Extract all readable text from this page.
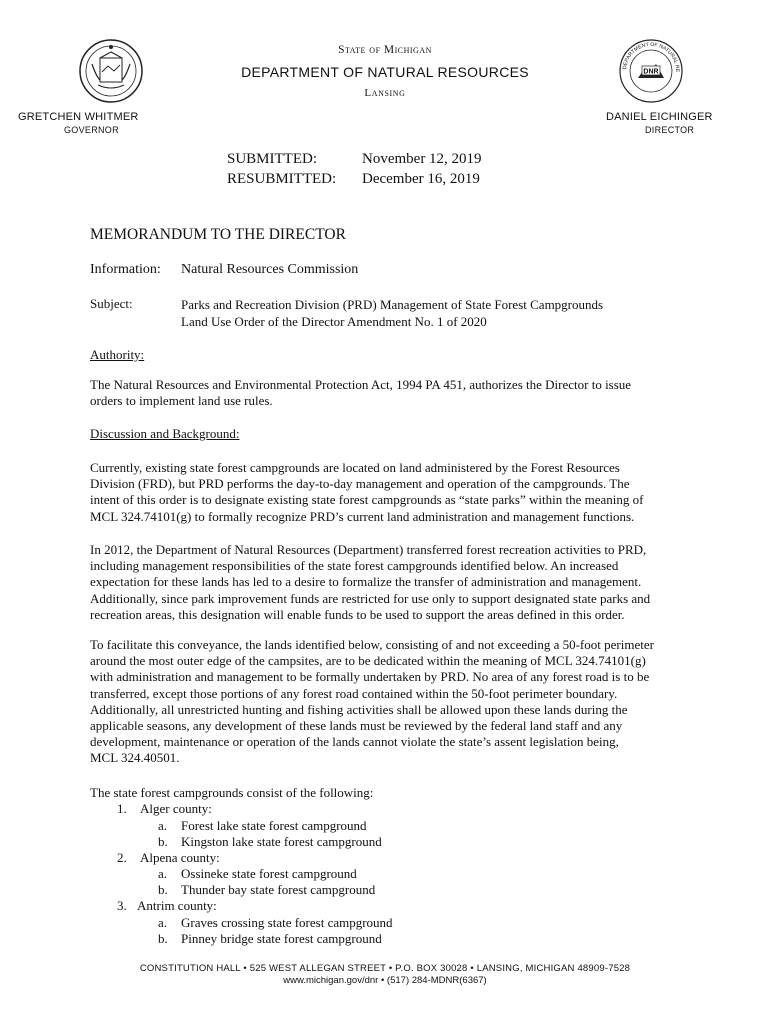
State of Michigan
DEPARTMENT OF NATURAL RESOURCES
Lansing
DEPARTMENT OF NATURAL RE
DNR
GRETCHEN WHITMER
GOVERNOR
DANIEL EICHINGER
DIRECTOR
SUBMITTED:	November 12, 2019
RESUBMITTED: December 16, 2019
MEMORANDUM TO THE DIRECTOR
Information: Natural Resources Commission
Subject:	Parks and Recreation Division (PRD) Management of State Forest Campgrounds
Land Use Order of the Director Amendment No. 1 of 2020
Authority:
The Natural Resources and Environmental Protection Act, 1994 PA 451, authorizes the Director to issue
orders to implement land use rules.
Discussion and Background:
Currently, existing state forest campgrounds are located on land administered by the Forest Resources
Division (FRD), but PRD performs the day-to-day management and operation of the campgrounds. The
intent of this order is to designate existing state forest campgrounds as “state parks” within the meaning of
MCL 324.74101(g) to formally recognize PRD’s current land administration and management functions.
In 2012, the Department of Natural Resources (Department) transferred forest recreation activities to PRD,
including management responsibilities of the state forest campgrounds identified below. An increased
expectation for these lands has led to a desire to formalize the transfer of administration and management.
Additionally, since park improvement funds are restricted for use only to support designated state parks and
recreation areas, this designation will enable funds to be used to support the areas defined in this order.
To facilitate this conveyance, the lands identified below, consisting of and not exceeding a 50-foot perimeter
around the most outer edge of the campsites, are to be dedicated within the meaning of MCL 324.74101(g)
with administration and management to be formally undertaken by PRD. No area of any forest road is to be
transferred, except those portions of any forest road contained within the 50-foot perimeter boundary.
Additionally, all unrestricted hunting and fishing activities shall be allowed upon these lands during the
applicable seasons, any development of these lands must be reviewed by the federal land staff and any
development, maintenance or operation of the lands cannot violate the state’s assent legislation being,
MCL 324.40501.
The state forest campgrounds consist of the following:
1. Alger county:
a. Forest lake state forest campground
b. Kingston lake state forest campground
2. Alpena county:
a. Ossineke state forest campground
b. Thunder bay state forest campground
3. Antrim county:
a. Graves crossing state forest campground
b. Pinney bridge state forest campground
CONSTITUTION HALL • 525 WEST ALLEGAN STREET • P.O. BOX 30028 • LANSING, MICHIGAN 48909-7528
www.michigan.gov/dnr • (517) 284-MDNR(6367)
